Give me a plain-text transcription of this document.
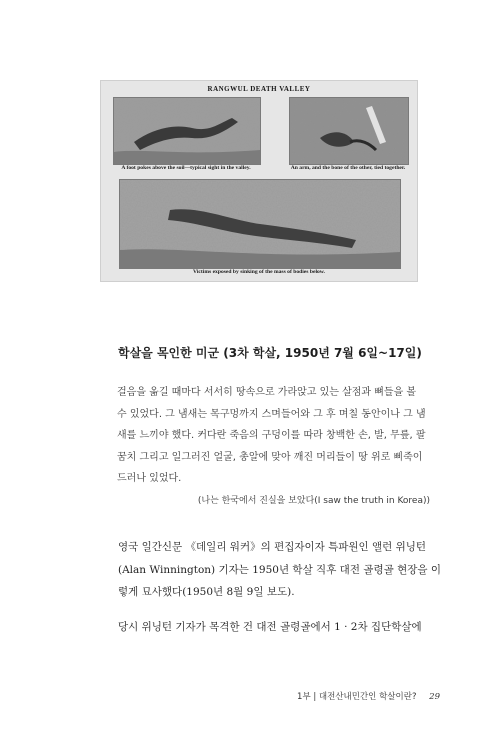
RANGWUL DEATH VALLEY
A foot pokes above the soil—typical sight in the valley.	An arm, and the bone of the other, tied together.
Victims exposed by sinking of the mass of bodies below.
학살을 목인한 미군 (3차 학살, 1950년 7월 6일~17일)
걸음을 옮길 때마다 서서히 땅속으로 가라앉고 있는 살점과 뼈들을 볼
수 있었다. 그 냄새는 목구멍까지 스며들어와 그 후 며칠 동안이나 그 냄
새를 느끼야 했다. 커다란 죽음의 구덩이를 따라 창백한 손, 발, 무릎, 팔
꿈치 그리고 일그러진 얼굴, 총알에 맞아 깨진 머리들이 땅 위로 삐죽이
드러나 있었다.

(나는 한국에서 진실을 보았다(I saw the truth in Korea))

영국 일간신문 《데일리 워커》의 편집자이자 특파원인 앨런 위닝턴
(Alan Winnington) 기자는 1950년 학살 직후 대전 골령골 현장을 이
렇게 묘사했다(1950년 8월 9일 보도).
당시 위닝턴 기자가 목격한 건 대전 골령골에서 1 · 2차 집단학살에

1부 | 대전산내민간인 학살이란? 29
